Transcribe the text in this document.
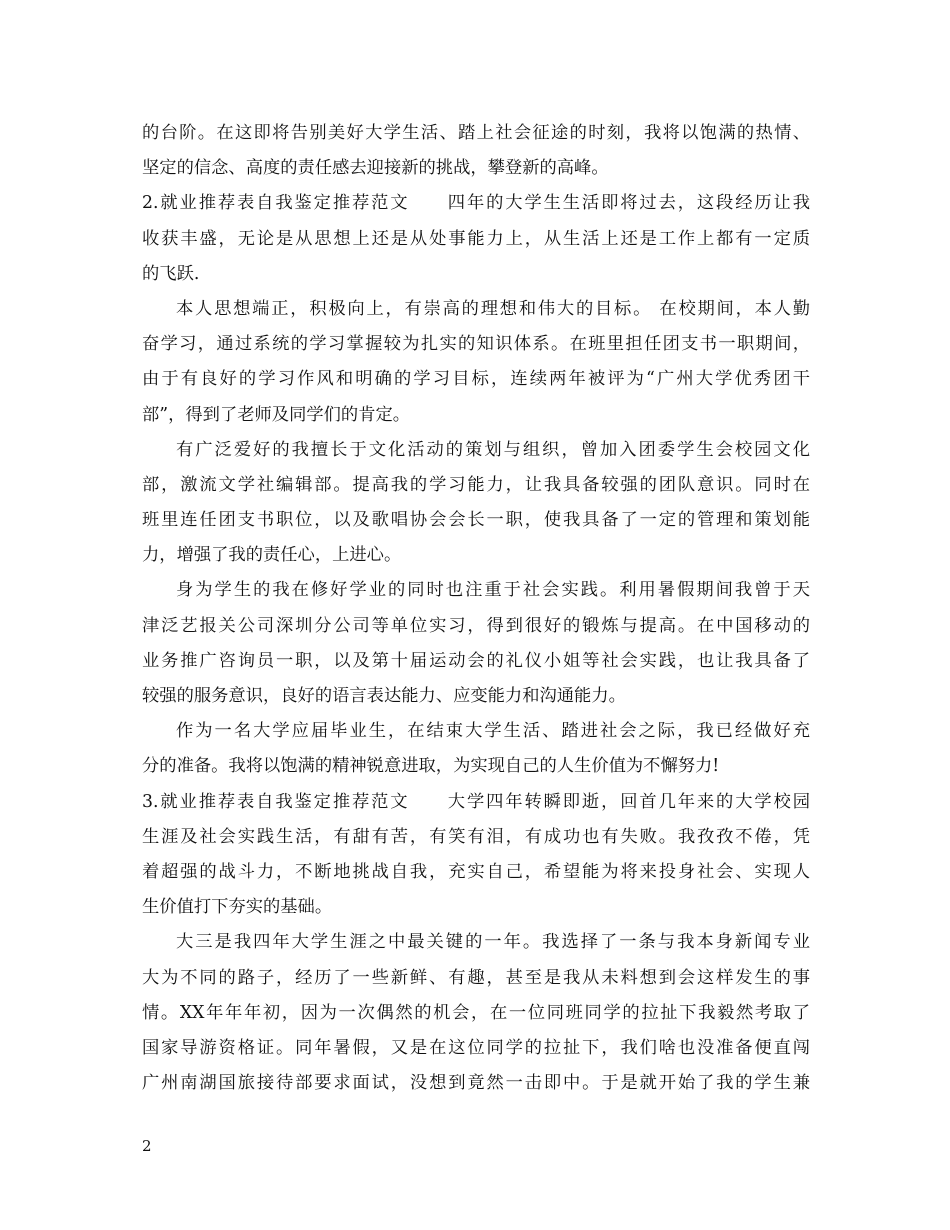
的台阶。在这即将告别美好大学生活、踏上社会征途的时刻，我将以饱满的热情、
坚定的信念、高度的责任感去迎接新的挑战，攀登新的高峰。
2.就业推荐表自我鉴定推荐范文　　四年的大学生生活即将过去，这段经历让我
收获丰盛，无论是从思想上还是从处事能力上，从生活上还是工作上都有一定质
的飞跃.
本人思想端正，积极向上，有崇高的理想和伟大的目标。 在校期间，本人勤
奋学习，通过系统的学习掌握较为扎实的知识体系。在班里担任团支书一职期间，
由于有良好的学习作风和明确的学习目标，连续两年被评为“广州大学优秀团干
部”，得到了老师及同学们的肯定。
有广泛爱好的我擅长于文化活动的策划与组织，曾加入团委学生会校园文化
部，激流文学社编辑部。提高我的学习能力，让我具备较强的团队意识。同时在
班里连任团支书职位，以及歌唱协会会长一职，使我具备了一定的管理和策划能
力，增强了我的责任心，上进心。
身为学生的我在修好学业的同时也注重于社会实践。利用暑假期间我曾于天
津泛艺报关公司深圳分公司等单位实习，得到很好的锻炼与提高。在中国移动的
业务推广咨询员一职，以及第十届运动会的礼仪小姐等社会实践，也让我具备了
较强的服务意识，良好的语言表达能力、应变能力和沟通能力。
作为一名大学应届毕业生，在结束大学生活、踏进社会之际，我已经做好充
分的准备。我将以饱满的精神锐意进取，为实现自己的人生价值为不懈努力!
3.就业推荐表自我鉴定推荐范文　　大学四年转瞬即逝，回首几年来的大学校园
生涯及社会实践生活，有甜有苦，有笑有泪，有成功也有失败。我孜孜不倦，凭
着超强的战斗力，不断地挑战自我，充实自己，希望能为将来投身社会、实现人
生价值打下夯实的基础。
大三是我四年大学生涯之中最关键的一年。我选择了一条与我本身新闻专业
大为不同的路子，经历了一些新鲜、有趣，甚至是我从未料想到会这样发生的事
情。XX年年年初，因为一次偶然的机会，在一位同班同学的拉扯下我毅然考取了
国家导游资格证。同年暑假，又是在这位同学的拉扯下，我们啥也没准备便直闯
广州南湖国旅接待部要求面试，没想到竟然一击即中。于是就开始了我的学生兼
2
